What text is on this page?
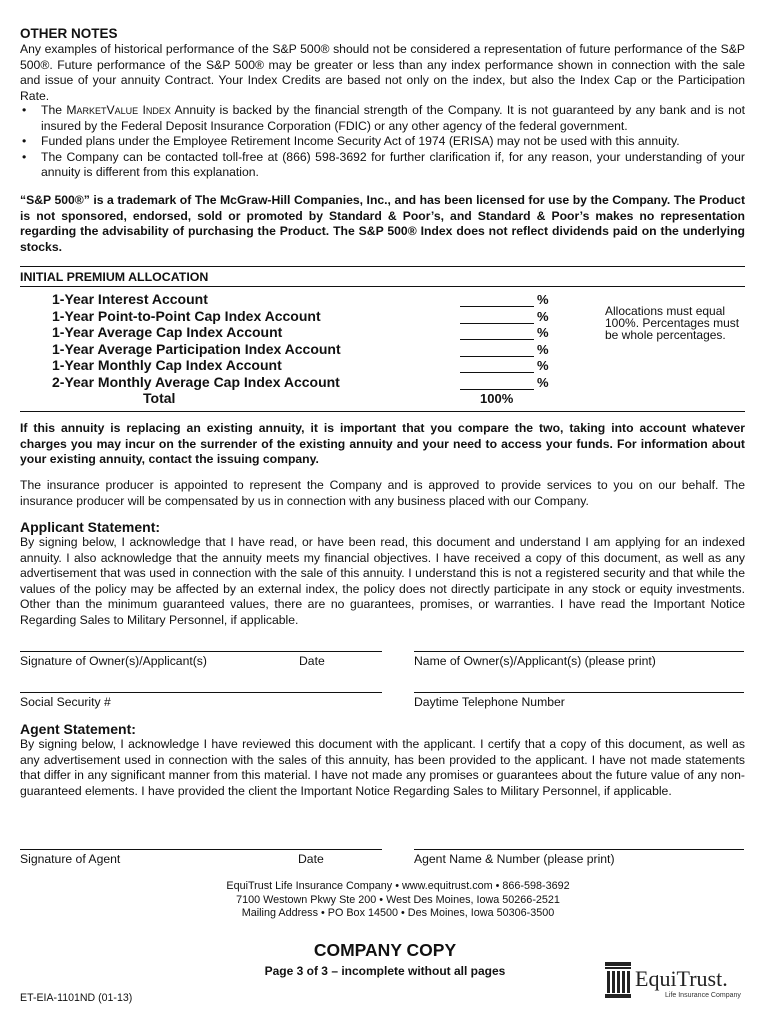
OTHER NOTES

Any examples of historical performance of the S&P 500® should not be considered a representation of future performance of the S&P 500®. Future performance of the S&P 500® may be greater or less than any index performance shown in connection with the sale and issue of your annuity Contract. Your Index Credits are based not only on the index, but also the Index Cap or the Participation Rate.

• The MarketValue Index Annuity is backed by the financial strength of the Company. It is not guaranteed by any bank and is not insured by the Federal Deposit Insurance Corporation (FDIC) or any other agency of the federal government.
• Funded plans under the Employee Retirement Income Security Act of 1974 (ERISA) may not be used with this annuity.
• The Company can be contacted toll-free at (866) 598-3692 for further clarification if, for any reason, your understanding of your annuity is different from this explanation.

“S&P 500®” is a trademark of The McGraw-Hill Companies, Inc., and has been licensed for use by the Company. The Product is not sponsored, endorsed, sold or promoted by Standard & Poor’s, and Standard & Poor’s makes no representation regarding the advisability of purchasing the Product. The S&P 500® Index does not reflect dividends paid on the underlying stocks.

INITIAL PREMIUM ALLOCATION
1-Year Interest Account	%
1-Year Point-to-Point Cap Index Account	%
1-Year Average Cap Index Account	%
1-Year Average Participation Index Account	%
1-Year Monthly Cap Index Account	%
2-Year Monthly Average Cap Index Account	%
Total	100%
Allocations must equal 100%. Percentages must be whole percentages.

If this annuity is replacing an existing annuity, it is important that you compare the two, taking into account whatever charges you may incur on the surrender of the existing annuity and your need to access your funds. For information about your existing annuity, contact the issuing company.

The insurance producer is appointed to represent the Company and is approved to provide services to you on our behalf. The insurance producer will be compensated by us in connection with any business placed with our Company.

Applicant Statement:

By signing below, I acknowledge that I have read, or have been read, this document and understand I am applying for an indexed annuity. I also acknowledge that the annuity meets my financial objectives. I have received a copy of this document, as well as any advertisement that was used in connection with the sale of this annuity. I understand this is not a registered security and that while the values of the policy may be affected by an external index, the policy does not directly participate in any stock or equity investments. Other than the minimum guaranteed values, there are no guarantees, promises, or warranties. I have read the Important Notice Regarding Sales to Military Personnel, if applicable.

Signature of Owner(s)/Applicant(s)	Date	Name of Owner(s)/Applicant(s) (please print)
Social Security #	Daytime Telephone Number
Agent Statement:

By signing below, I acknowledge I have reviewed this document with the applicant. I certify that a copy of this document, as well as any advertisement used in connection with the sales of this annuity, has been provided to the applicant. I have not made statements that differ in any significant manner from this material. I have not made any promises or guarantees about the future value of any non-guaranteed elements. I have provided the client the Important Notice Regarding Sales to Military Personnel, if applicable.

Signature of Agent	Date	Agent Name & Number (please print)
EquiTrust Life Insurance Company • www.equitrust.com • 866-598-3692
7100 Westown Pkwy Ste 200 • West Des Moines, Iowa 50266-2521
Mailing Address • PO Box 14500 • Des Moines, Iowa 50306-3500
COMPANY COPY
Page 3 of 3 – incomplete without all pages
ET-EIA-1101ND (01-13)
EquiTrust.
Life Insurance Company
